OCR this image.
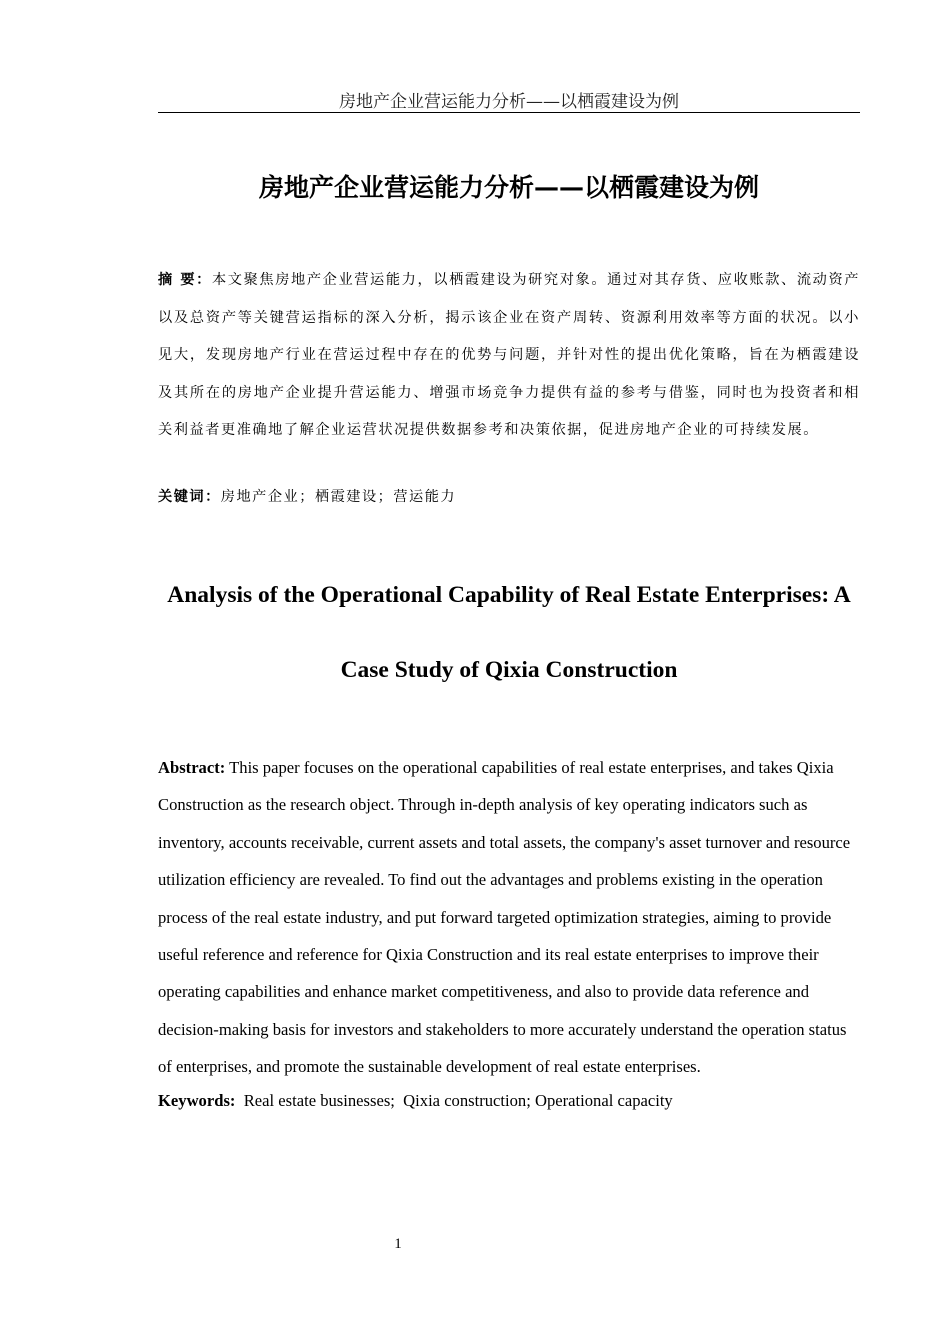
房地产企业营运能力分析——以栖霞建设为例
房地产企业营运能力分析——以栖霞建设为例
摘 要：本文聚焦房地产企业营运能力，以栖霞建设为研究对象。通过对其存货、应收账款、流动资产以及总资产等关键营运指标的深入分析，揭示该企业在资产周转、资源利用效率等方面的状况。以小见大，发现房地产行业在营运过程中存在的优势与问题，并针对性的提出优化策略，旨在为栖霞建设及其所在的房地产企业提升营运能力、增强市场竞争力提供有益的参考与借鉴，同时也为投资者和相关利益者更准确地了解企业运营状况提供数据参考和决策依据，促进房地产企业的可持续发展。
关键词：房地产企业；栖霞建设；营运能力
Analysis of the Operational Capability of Real Estate Enterprises: A
Case Study of Qixia Construction
Abstract: This paper focuses on the operational capabilities of real estate enterprises, and takes Qixia Construction as the research object. Through in-depth analysis of key operating indicators such as inventory, accounts receivable, current assets and total assets, the company's asset turnover and resource utilization efficiency are revealed. To find out the advantages and problems existing in the operation process of the real estate industry, and put forward targeted optimization strategies, aiming to provide useful reference and reference for Qixia Construction and its real estate enterprises to improve their operating capabilities and enhance market competitiveness, and also to provide data reference and decision-making basis for investors and stakeholders to more accurately understand the operation status of enterprises, and promote the sustainable development of real estate enterprises.
Keywords:  Real estate businesses;  Qixia construction; Operational capacity
1
